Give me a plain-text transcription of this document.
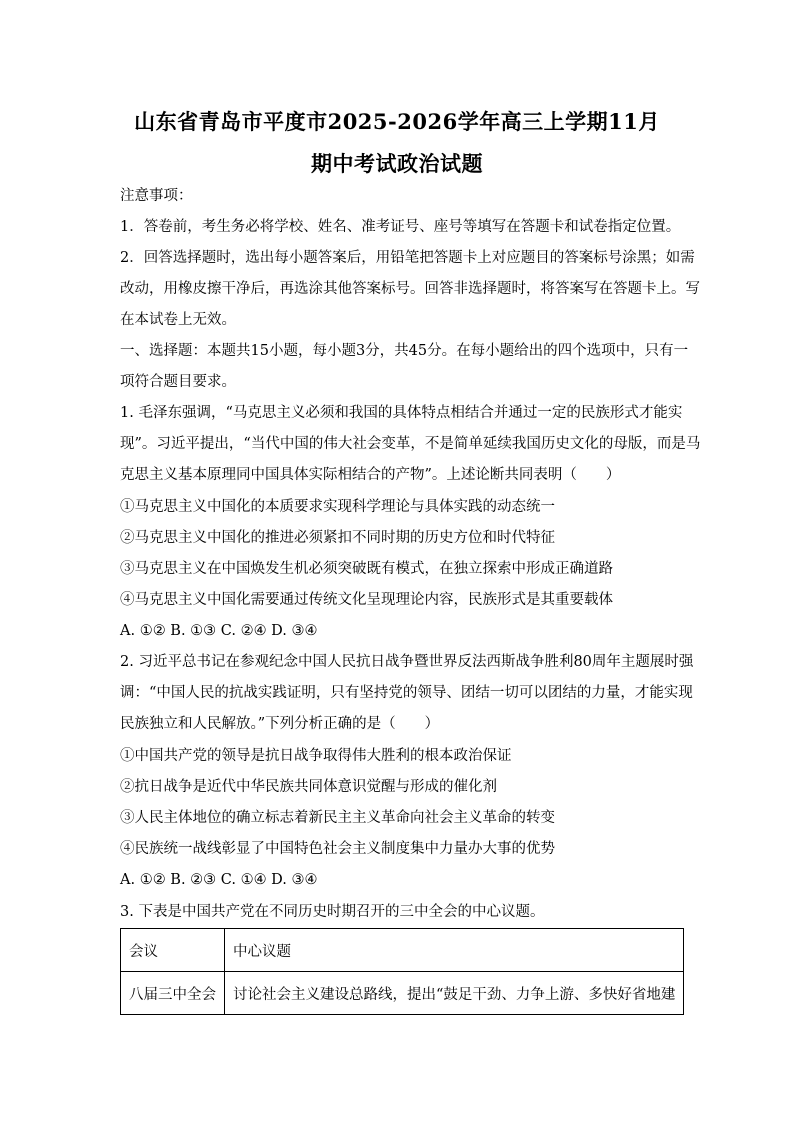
山东省青岛市平度市2025-2026学年高三上学期11月
期中考试政治试题
注意事项：
1．答卷前，考生务必将学校、姓名、准考证号、座号等填写在答题卡和试卷指定位置。
2．回答选择题时，选出每小题答案后，用铅笔把答题卡上对应题目的答案标号涂黑；如需
改动，用橡皮擦干净后，再选涂其他答案标号。回答非选择题时，将答案写在答题卡上。写
在本试卷上无效。
一、选择题：本题共15小题，每小题3分，共45分。在每小题给出的四个选项中，只有一
项符合题目要求。
1. 毛泽东强调，“马克思主义必须和我国的具体特点相结合并通过一定的民族形式才能实
现”。习近平提出，“当代中国的伟大社会变革，不是简单延续我国历史文化的母版，而是马
克思主义基本原理同中国具体实际相结合的产物”。上述论断共同表明（　　）
①马克思主义中国化的本质要求实现科学理论与具体实践的动态统一
②马克思主义中国化的推进必须紧扣不同时期的历史方位和时代特征
③马克思主义在中国焕发生机必须突破既有模式，在独立探索中形成正确道路
④马克思主义中国化需要通过传统文化呈现理论内容，民族形式是其重要载体
A. ①② B. ①③ C. ②④ D. ③④
2. 习近平总书记在参观纪念中国人民抗日战争暨世界反法西斯战争胜利80周年主题展时强
调：“中国人民的抗战实践证明，只有坚持党的领导、团结一切可以团结的力量，才能实现
民族独立和人民解放。”下列分析正确的是（　　）
①中国共产党的领导是抗日战争取得伟大胜利的根本政治保证
②抗日战争是近代中华民族共同体意识觉醒与形成的催化剂
③人民主体地位的确立标志着新民主主义革命向社会主义革命的转变
④民族统一战线彰显了中国特色社会主义制度集中力量办大事的优势
A. ①② B. ②③ C. ①④ D. ③④
3. 下表是中国共产党在不同历史时期召开的三中全会的中心议题。
会议	中心议题
八届三中全会	讨论社会主义建设总路线，提出“鼓足干劲、力争上游、多快好省地建
